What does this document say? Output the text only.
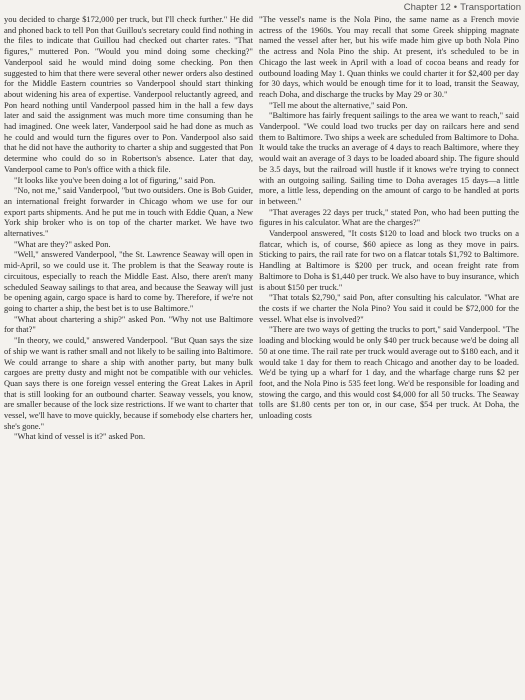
Chapter 12 • Transportation

you decided to charge $172,000 per truck, but I'll check further." He did and phoned back to tell Pon that Guillou's secretary could find nothing in the files to indicate that Guillou had checked out charter rates. "That figures," muttered Pon. "Would you mind doing some checking?" Vanderpool said he would mind doing some checking. Pon then suggested to him that there were several other newer orders also destined for the Middle Eastern countries so Vanderpool should start thinking about widening his area of expertise. Vanderpool reluctantly agreed, and Pon heard nothing until Vanderpool passed him in the hall a few days later and said the assignment was much more time consuming than he had imagined. One week later, Vanderpool said he had done as much as he could and would turn the figures over to Pon. Vanderpool also said that he did not have the authority to charter a ship and suggested that Pon determine who could do so in Robertson's absence. Later that day, Vanderpool came to Pon's office with a thick file.

"It looks like you've been doing a lot of figuring," said Pon.

"No, not me," said Vanderpool, "but two outsiders. One is Bob Guider, an international freight forwarder in Chicago whom we use for our export parts shipments. And he put me in touch with Eddie Quan, a New York ship broker who is on top of the charter market. We have two alternatives."

"What are they?" asked Pon.

"Well," answered Vanderpool, "the St. Lawrence Seaway will open in mid-April, so we could use it. The problem is that the Seaway route is circuitous, especially to reach the Middle East. Also, there aren't many scheduled Seaway sailings to that area, and because the Seaway will just be opening again, cargo space is hard to come by. Therefore, if we're not going to charter a ship, the best bet is to use Baltimore."

"What about chartering a ship?" asked Pon. "Why not use Baltimore for that?"

"In theory, we could," answered Vanderpool. "But Quan says the size of ship we want is rather small and not likely to be sailing into Baltimore. We could arrange to share a ship with another party, but many bulk cargoes are pretty dusty and might not be compatible with our vehicles. Quan says there is one foreign vessel entering the Great Lakes in April that is still looking for an outbound charter. Seaway vessels, you know, are smaller because of the lock size restrictions. If we want to charter that vessel, we'll have to move quickly, because if somebody else charters her, she's gone."

"What kind of vessel is it?" asked Pon.

"The vessel's name is the Nola Pino, the same name as a French movie actress of the 1960s. You may recall that some Greek shipping magnate named the vessel after her, but his wife made him give up both Nola Pino the actress and Nola Pino the ship. At present, it's scheduled to be in Chicago the last week in April with a load of cocoa beans and ready for outbound loading May 1. Quan thinks we could charter it for $2,400 per day for 30 days, which would be enough time for it to load, transit the Seaway, reach Doha, and discharge the trucks by May 29 or 30."

"Tell me about the alternative," said Pon.

"Baltimore has fairly frequent sailings to the area we want to reach," said Vanderpool. "We could load two trucks per day on railcars here and send them to Baltimore. Two ships a week are scheduled from Baltimore to Doha. It would take the trucks an average of 4 days to reach Baltimore, where they would wait an average of 3 days to be loaded aboard ship. The figure should be 3.5 days, but the railroad will hustle if it knows we're trying to connect with an outgoing sailing. Sailing time to Doha averages 15 days—a little more, a little less, depending on the amount of cargo to be handled at ports in between."

"That averages 22 days per truck," stated Pon, who had been putting the figures in his calculator. What are the charges?"

Vanderpool answered, "It costs $120 to load and block two trucks on a flatcar, which is, of course, $60 apiece as long as they move in pairs. Sticking to pairs, the rail rate for two on a flatcar totals $1,792 to Baltimore. Handling at Baltimore is $200 per truck, and ocean freight rate from Baltimore to Doha is $1,440 per truck. We also have to buy insurance, which is about $150 per truck."

"That totals $2,790," said Pon, after consulting his calculator. "What are the costs if we charter the Nola Pino? You said it could be $72,000 for the vessel. What else is involved?"

"There are two ways of getting the trucks to port," said Vanderpool. "The loading and blocking would be only $40 per truck because we'd be doing all 50 at one time. The rail rate per truck would average out to $180 each, and it would take 1 day for them to reach Chicago and another day to be loaded. We'd be tying up a wharf for 1 day, and the wharfage charge runs $2 per foot, and the Nola Pino is 535 feet long. We'd be responsible for loading and stowing the cargo, and this would cost $4,000 for all 50 trucks. The Seaway tolls are $1.80 cents per ton or, in our case, $54 per truck. At Doha, the unloading costs
